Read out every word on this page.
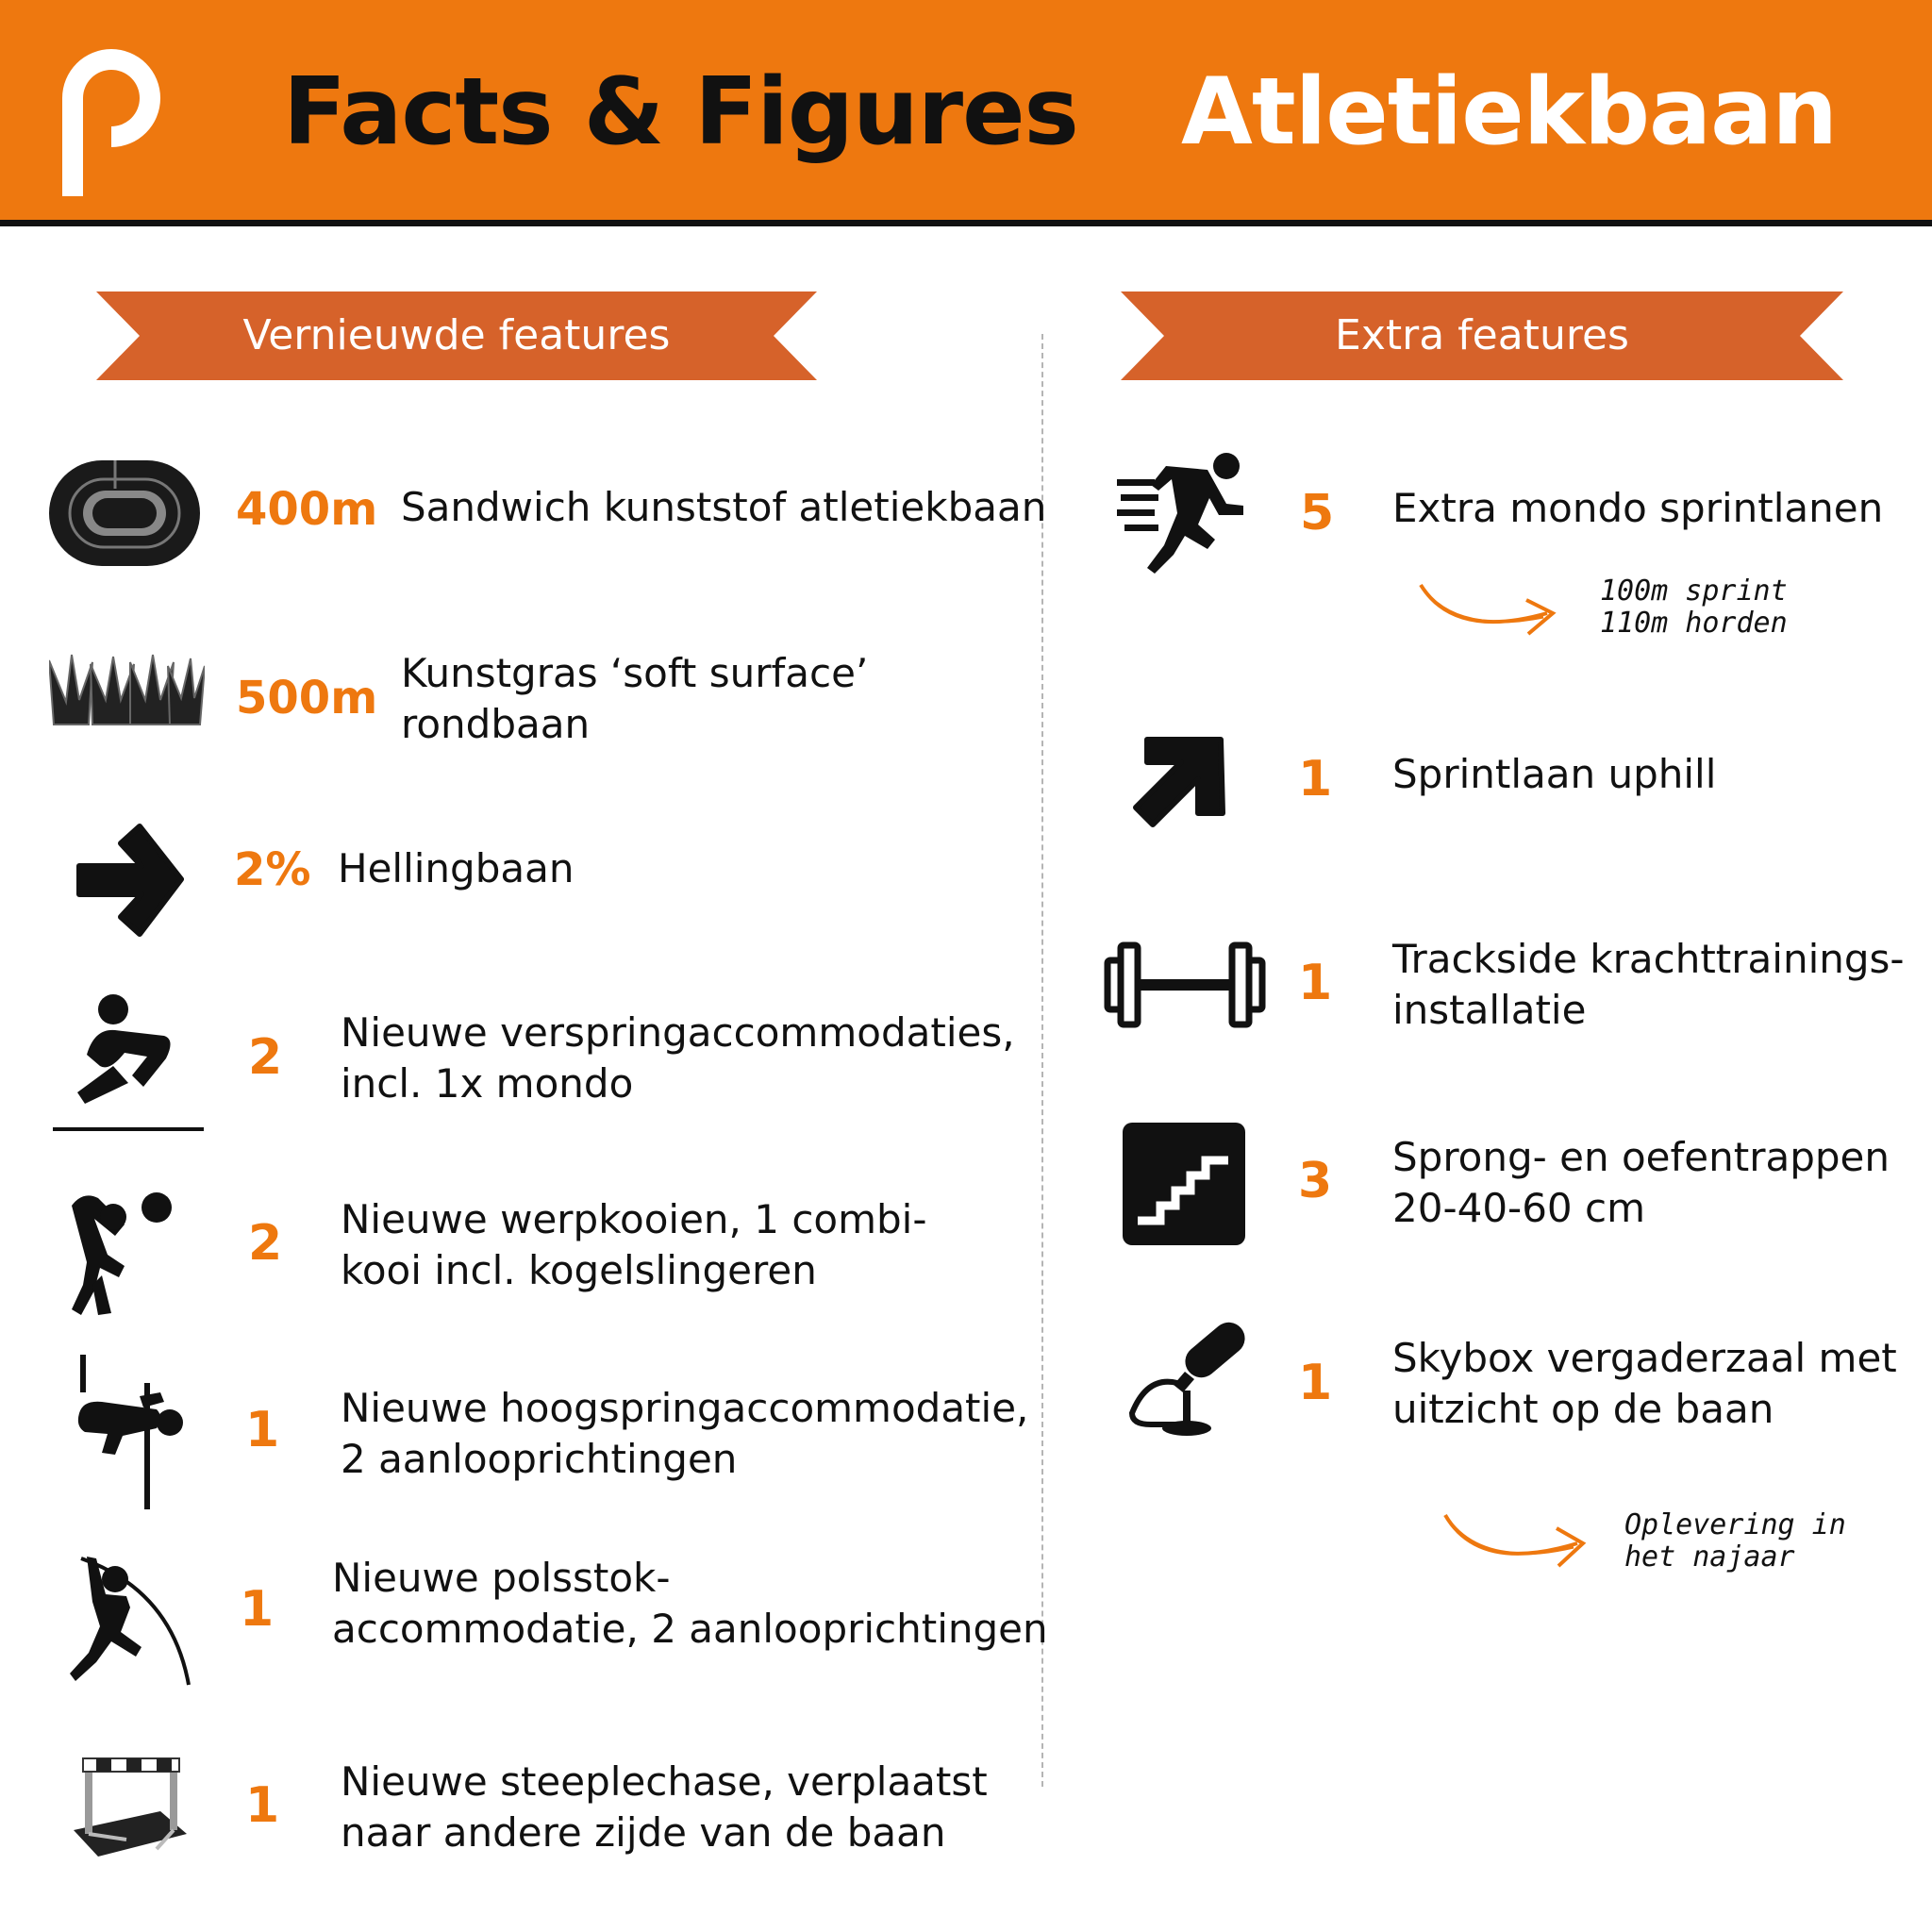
Facts & Figures Atletiekbaan
Vernieuwde features	Extra features
400m Sandwich kunststof atletiekbaan
500m Kunstgras ‘soft surface’
rondbaan
2% Hellingbaan
2 Nieuwe verspringaccommodaties,
incl. 1x mondo
2 Nieuwe werpkooien, 1 combi-
kooi incl. kogelslingeren
1 Nieuwe hoogspringaccommodatie,
2 aanlooprichtingen
1
Nieuwe polsstok-
accommodatie, 2 aanlooprichtingen
1 Nieuwe steeplechase, verplaatst
naar andere zijde van de baan
5 Extra mondo sprintlanen
100m sprint
110m horden
1 Sprintlaan uphill
1 Trackside krachttrainings-
installatie
3 Sprong- en oefentrappen
20-40-60 cm
1 Skybox vergaderzaal met
uitzicht op de baan
Oplevering in
het najaar
